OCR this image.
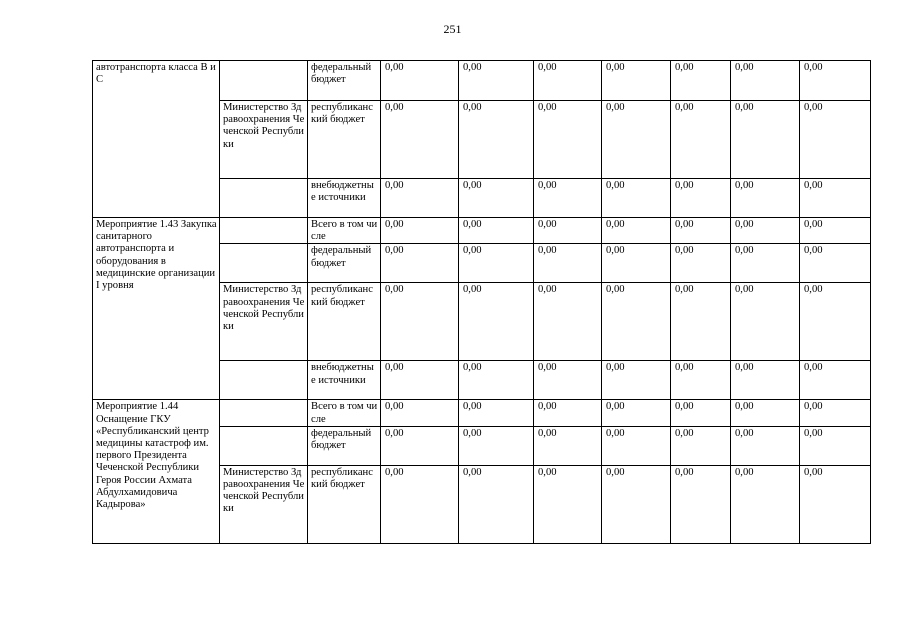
251
автотранспорта класса В и С		федеральный бюджет	0,00	0,00	0,00	0,00	0,00	0,00	0,00
	Министерство Здравоохранения Чеченской Республики	республиканский бюджет	0,00	0,00	0,00	0,00	0,00	0,00	0,00
		внебюджетные источники	0,00	0,00	0,00	0,00	0,00	0,00	0,00
Мероприятие 1.43 Закупка санитарного автотранспорта и оборудования в медицинские организации I уровня		Всего в том числе	0,00	0,00	0,00	0,00	0,00	0,00	0,00
		федеральный бюджет	0,00	0,00	0,00	0,00	0,00	0,00	0,00
	Министерство Здравоохранения Чеченской Республики	республиканский бюджет	0,00	0,00	0,00	0,00	0,00	0,00	0,00
		внебюджетные источники	0,00	0,00	0,00	0,00	0,00	0,00	0,00
Мероприятие 1.44 Оснащение ГКУ «Республиканский центр медицины катастроф им. первого Президента Чеченской Республики Героя России Ахмата Абдулхамидовича Кадырова»		Всего в том числе	0,00	0,00	0,00	0,00	0,00	0,00	0,00
		федеральный бюджет	0,00	0,00	0,00	0,00	0,00	0,00	0,00
	Министерство Здравоохранения Чеченской Республики	республиканский бюджет	0,00	0,00	0,00	0,00	0,00	0,00	0,00
